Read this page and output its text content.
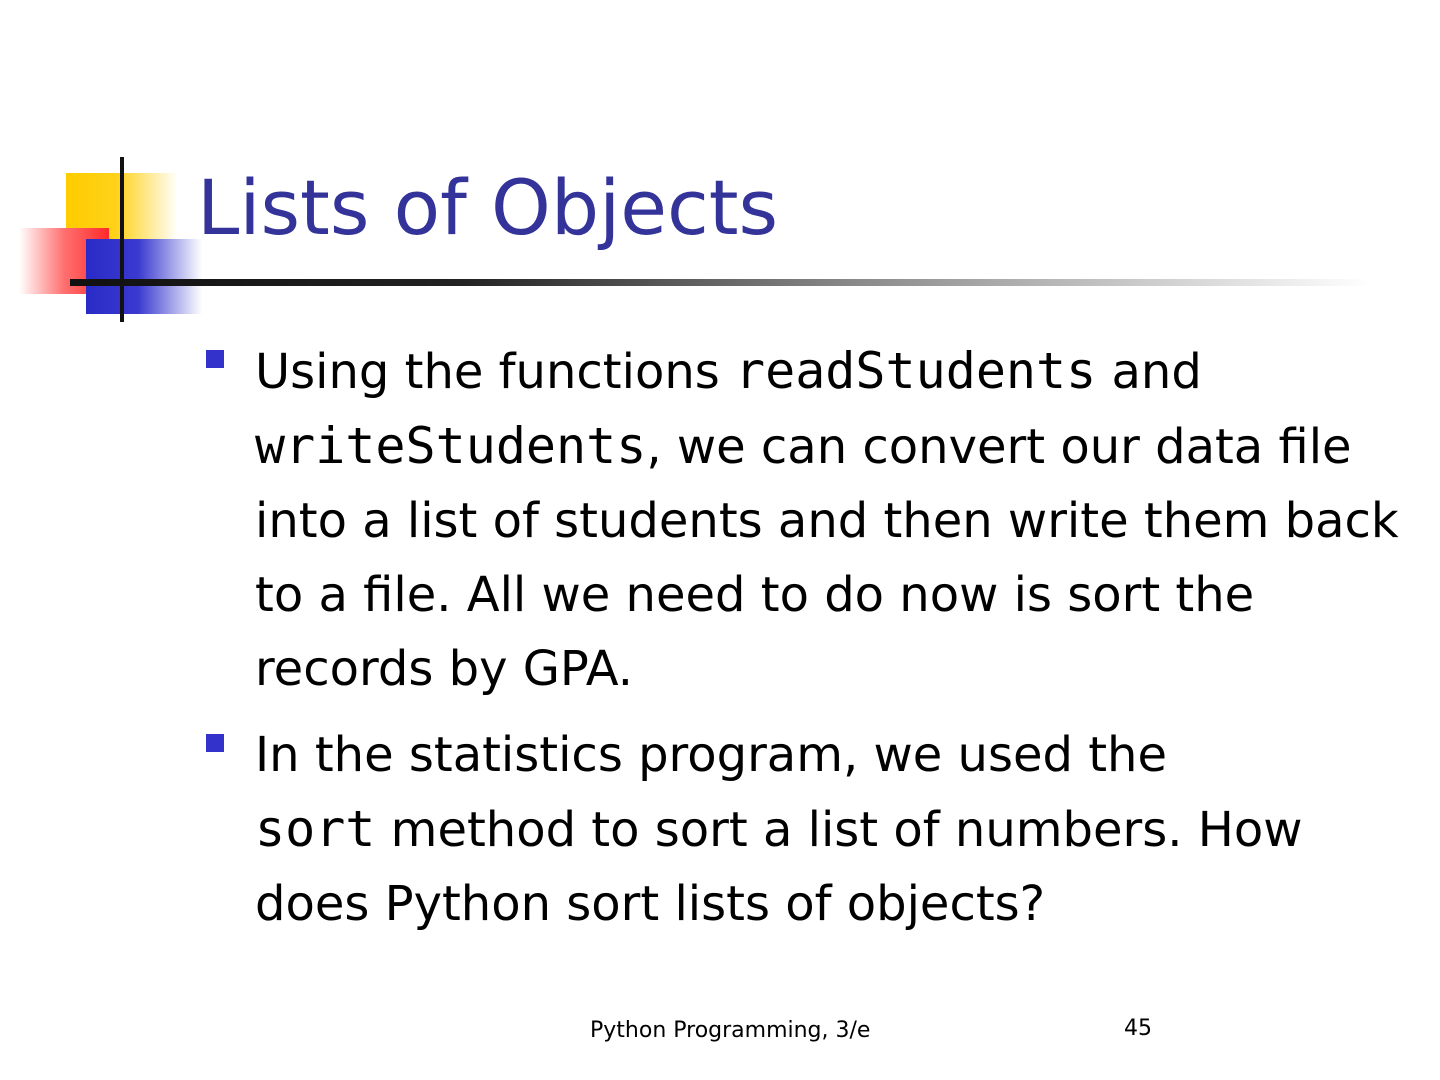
Lists of Objects
Using the functions readStudents and
writeStudents, we can convert our data file into a list of students and then write them back to a file. All we need to do now is sort the records by GPA.
In the statistics program, we used the
sort method to sort a list of numbers. How does Python sort lists of objects?
Python Programming, 3/e	45
